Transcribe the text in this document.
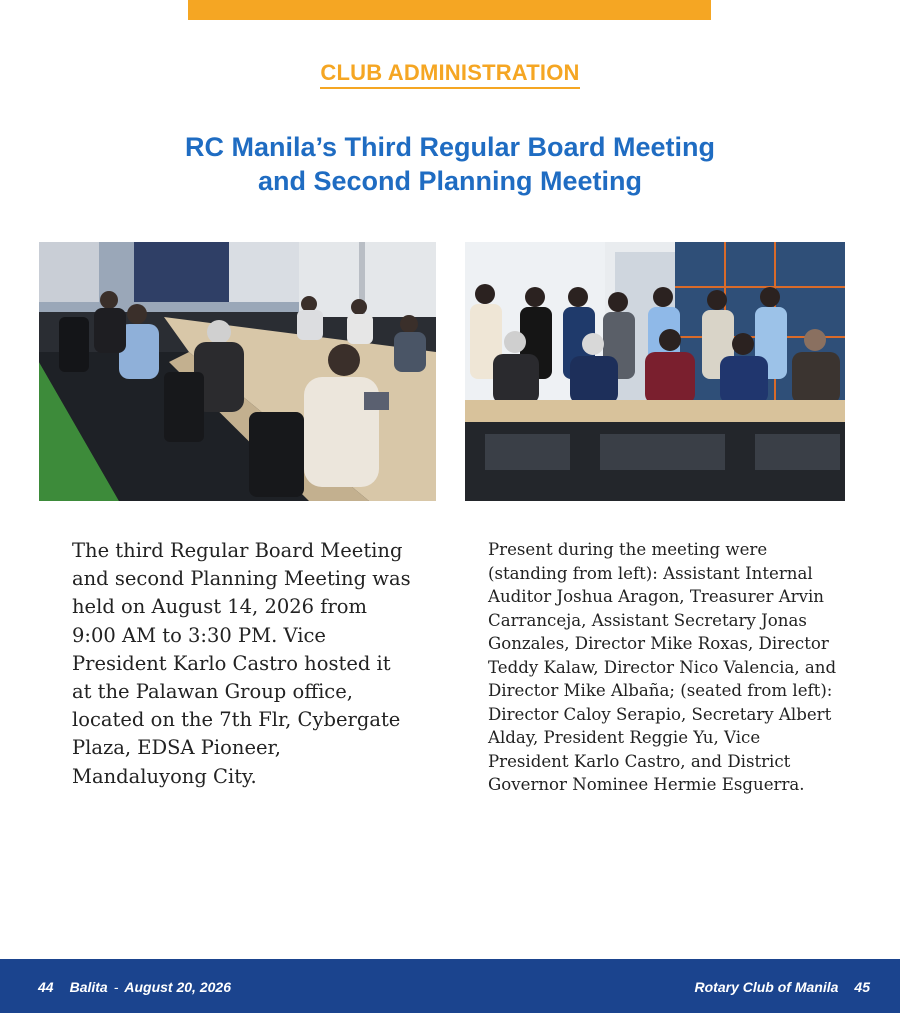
CLUB ADMINISTRATION
RC Manila’s Third Regular Board Meeting
and Second Planning Meeting
The third Regular Board Meeting and second Planning Meeting was held on August 14, 2026 from 9:00 AM to 3:30 PM. Vice President Karlo Castro hosted it at the Palawan Group office, located on the 7th Flr, Cybergate Plaza, EDSA Pioneer, Mandaluyong City.
Present during the meeting were (standing from left): Assistant Internal Auditor Joshua Aragon, Treasurer Arvin Carranceja, Assistant Secretary Jonas Gonzales, Director Mike Roxas, Director Teddy Kalaw, Director Nico Valencia, and Director Mike Albaña; (seated from left): Director Caloy Serapio, Secretary Albert Alday, President Reggie Yu, Vice President Karlo Castro, and District Governor Nominee Hermie Esguerra.
44 Balita - August 20, 2026	Rotary Club of Manila 45
